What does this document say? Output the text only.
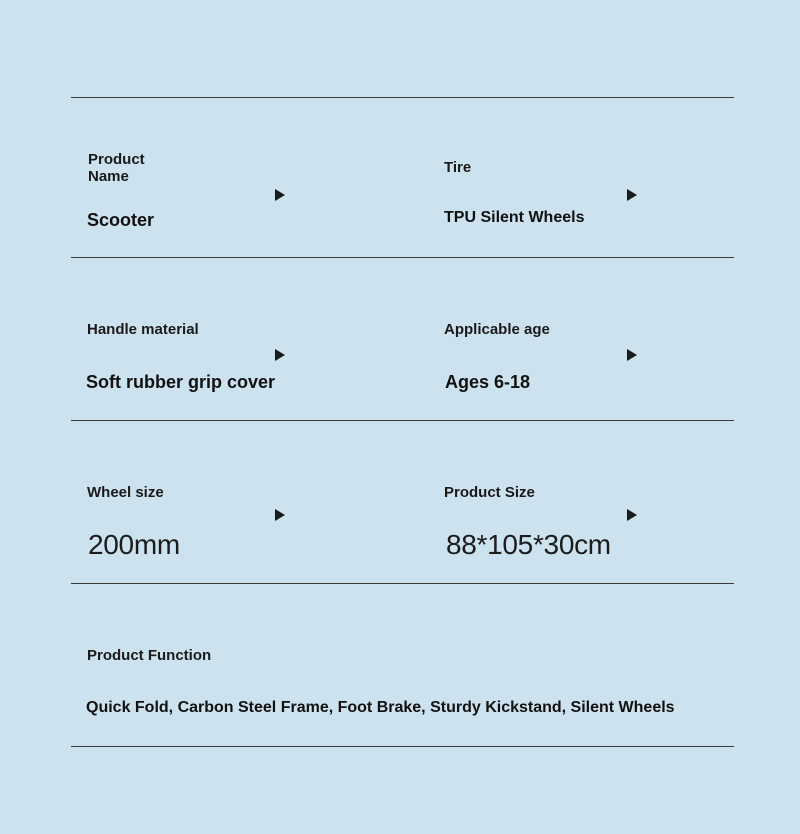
Product Name
Scooter
Tire
TPU Silent Wheels
Handle material
Soft rubber grip cover
Applicable age
Ages 6-18
Wheel size
200mm
Product Size
88*105*30cm
Product Function
Quick Fold, Carbon Steel Frame, Foot Brake, Sturdy Kickstand, Silent Wheels
